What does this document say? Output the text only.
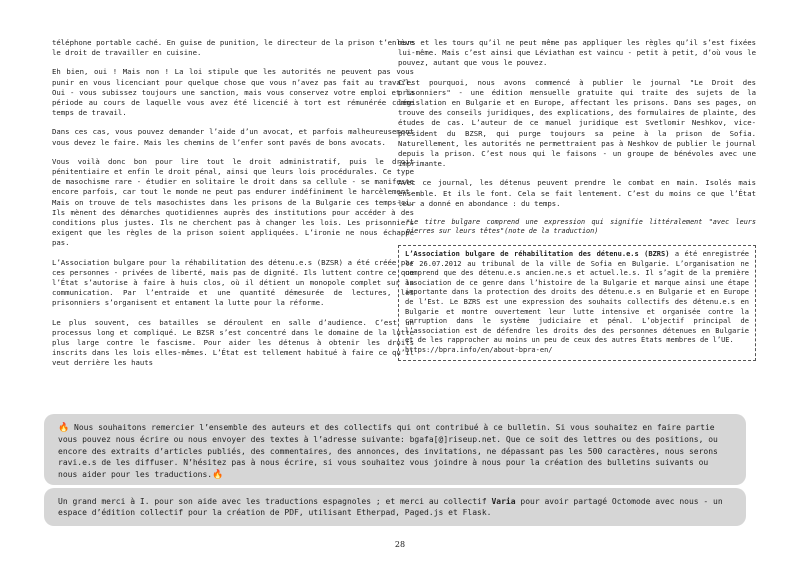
téléphone portable caché. En guise de punition, le directeur de la prison t’enlève le droit de travailler en cuisine.

Eh bien, oui ! Mais non ! La loi stipule que les autorités ne peuvent pas vous punir en vous licenciant pour quelque chose que vous n’avez pas fait au travail. Oui - vous subissez toujours une sanction, mais vous conservez votre emploi et la période au cours de laquelle vous avez été licencié à tort est rémunérée comme temps de travail.

Dans ces cas, vous pouvez demander l’aide d’un avocat, et parfois malheureusement vous devez le faire. Mais les chemins de l’enfer sont pavés de bons avocats.

Vous voilà donc bon pour lire tout le droit administratif, puis le droit pénitentiaire et enfin le droit pénal, ainsi que leurs lois procédurales. Ce type de masochisme rare - étudier en solitaire le droit dans sa cellule - se manifeste encore parfois, car tout le monde ne peut pas endurer indéfiniment le harcèlement. Mais on trouve de tels masochistes dans les prisons de la Bulgarie ces temps-ci. Ils mènent des démarches quotidiennes auprès des institutions pour accéder à des conditions plus justes. Ils ne cherchent pas à changer les lois. Les prisonniers exigent que les règles de la prison soient appliquées. L’ironie ne nous échappe pas.

L’Association bulgare pour la réhabilitation des détenu.e.s (BZSR) a été créée par ces personnes - privées de liberté, mais pas de dignité. Ils luttent contre ce que l’État s’autorise à faire à huis clos, où il détient un monopole complet sur la communication. Par l’entraide et une quantité démesurée de lectures, les prisonniers s’organisent et entament la lutte pour la réforme.

Le plus souvent, ces batailles se déroulent en salle d’audience. C’est un processus long et compliqué. Le BZSR s’est concentré dans le domaine de la lutte plus large contre le fascisme. Pour aider les détenus à obtenir les droits inscrits dans les lois elles-mêmes. L’État est tellement habitué à faire ce qu’il veut derrière les hauts

murs et les tours qu’il ne peut même pas appliquer les règles qu’il s’est fixées lui-même. Mais c’est ainsi que Léviathan est vaincu - petit à petit, d’où vous le pouvez, autant que vous le pouvez.

C’est pourquoi, nous avons commencé à publier le journal "Le Droit des prisonniers" - une édition mensuelle gratuite qui traite des sujets de la législation en Bulgarie et en Europe, affectant les prisons. Dans ses pages, on trouve des conseils juridiques, des explications, des formulaires de plainte, des études de cas. L’auteur de ce manuel juridique est Svetlomir Neshkov, vice-président du BZSR, qui purge toujours sa peine à la prison de Sofia. Naturellement, les autorités ne permettraient pas à Neshkov de publier le journal depuis la prison. C’est nous qui le faisons - un groupe de bénévoles avec une imprimante.

Avec ce journal, les détenus peuvent prendre le combat en main. Isolés mais ensemble. Et ils le font. Cela se fait lentement. C’est du moins ce que l’État leur a donné en abondance : du temps.

*Le titre bulgare comprend une expression qui signifie littéralement "avec leurs pierres sur leurs têtes"(note de la traduction)

L’Association bulgare de réhabilitation des détenu.e.s (BZRS) a été enregistrée le 26.07.2012 au tribunal de la ville de Sofia en Bulgarie. L’organisation ne comprend que des détenu.e.s ancien.ne.s et actuel.le.s. Il s’agit de la première association de ce genre dans l’histoire de la Bulgarie et marque ainsi une étape importante dans la protection des droits des détenu.e.s en Bulgarie et en Europe de l’Est. Le BZRS est une expression des souhaits collectifs des détenu.e.s en Bulgarie et montre ouvertement leur lutte intensive et organisée contre la corruption dans le système judiciaire et pénal. L’objectif principal de l’association est de défendre les droits des des personnes détenues en Bulgarie et de les rapprocher au moins un peu de ceux des autres États membres de l’UE.
https://bpra.info/en/about-bpra-en/
🔥 Nous souhaitons remercier l’ensemble des auteurs et des collectifs qui ont contribué à ce bulletin. Si vous souhaitez en faire partie vous pouvez nous écrire ou nous envoyer des textes à l’adresse suivante: bgafa[@]riseup.net. Que ce soit des lettres ou des positions, ou encore des extraits d’articles publiés, des commentaires, des annonces, des invitations, ne dépassant pas les 500 caractères, nous serons ravi.e.s de les diffuser. N’hésitez pas à nous écrire, si vous souhaitez vous joindre à nous pour la création des bulletins suivants ou nous aider pour les traductions.🔥
Un grand merci à I. pour son aide avec les traductions espagnoles ; et merci au collectif Varia pour avoir partagé Octomode avec nous - un espace d’édition collectif pour la création de PDF, utilisant Etherpad, Paged.js et Flask.
28
